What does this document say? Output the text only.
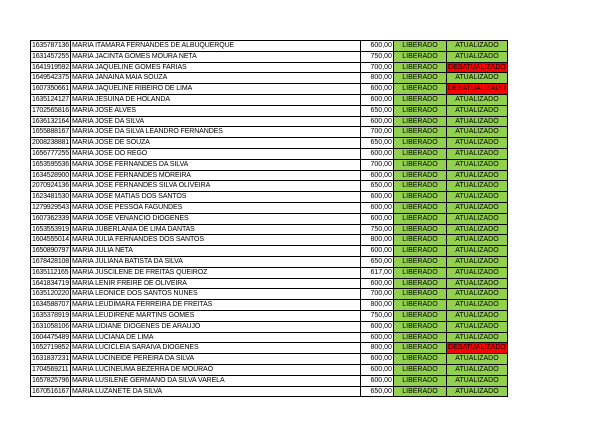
1635787136	MARIA ITAMARA FERNANDES DE ALBUQUERQUE	600,00	LIBERADO	ATUALIZADO
1631457255	MARIA JACINTA GOMES MOURA NETA	750,00	LIBERADO	ATUALIZADO
1641919592	MARIA JAQUELINE GOMES FARIAS	700,00	LIBERADO	DESATUALIZADO
1649542375	MARIA JANAINA MAIA SOUZA	800,00	LIBERADO	ATUALIZADO
1607350661	MARIA JAQUELINE RIBEIRO DE LIMA	600,00	LIBERADO	DESATUALIZADO
1635124127	MARIA JESUINA DE HOLANDA	600,00	LIBERADO	ATUALIZADO
1702565816	MARIA JOSE ALVES	650,00	LIBERADO	ATUALIZADO
1636132164	MARIA JOSE DA SILVA	600,00	LIBERADO	ATUALIZADO
1655888167	MARIA JOSE DA SILVA LEANDRO FERNANDES	700,00	LIBERADO	ATUALIZADO
2008238881	MARIA JOSE DE SOUZA	650,00	LIBERADO	ATUALIZADO
1656777255	MARIA JOSE DO REGO	600,00	LIBERADO	ATUALIZADO
1653595536	MARIA JOSE FERNANDES DA SILVA	700,00	LIBERADO	ATUALIZADO
1634528900	MARIA JOSE FERNANDES MOREIRA	600,00	LIBERADO	ATUALIZADO
2070924136	MARIA JOSE FERNANDES SILVA OLIVEIRA	650,00	LIBERADO	ATUALIZADO
1623481530	MARIA JOSE MATIAS DOS SANTOS	600,00	LIBERADO	ATUALIZADO
1279929543	MARIA JOSE PESSOA FAGUNDES	600,00	LIBERADO	ATUALIZADO
1607362339	MARIA JOSE VENANCIO DIOGENES	600,00	LIBERADO	ATUALIZADO
1653553919	MARIA JUBERLANIA DE LIMA DANTAS	750,00	LIBERADO	ATUALIZADO
1604555014	MARIA JULIA FERNANDES DOS SANTOS	800,00	LIBERADO	ATUALIZADO
1650890797	MARIA JULIA NETA	600,00	LIBERADO	ATUALIZADO
1678428108	MARIA JULIANA BATISTA DA SILVA	650,00	LIBERADO	ATUALIZADO
1635112165	MARIA JUSCILENE DE FREITAS QUEIROZ	617,00	LIBERADO	ATUALIZADO
1641834719	MARIA LENIR FREIRE DE OLIVEIRA	600,00	LIBERADO	ATUALIZADO
1635120220	MARIA LEONICE DOS SANTOS NUNES	700,00	LIBERADO	ATUALIZADO
1634588707	MARIA LEUDIMARA FERREIRA DE FREITAS	800,00	LIBERADO	ATUALIZADO
1635378919	MARIA LEUDIRENE MARTINS GOMES	750,00	LIBERADO	ATUALIZADO
1631058106	MARIA LIDIANE DIOGENES DE ARAUJO	600,00	LIBERADO	ATUALIZADO
1604475489	MARIA LUCIANA DE LIMA	600,00	LIBERADO	ATUALIZADO
1652719852	MARIA LUCICLEIA SARAIVA DIOGENES	800,00	LIBERADO	DESATUALIZADO
1631837231	MARIA LUCINEIDE PEREIRA DA SILVA	600,00	LIBERADO	ATUALIZADO
1704569211	MARIA LUCINEUMA BEZERRA DE MOURAO	600,00	LIBERADO	ATUALIZADO
1657825796	MARIA LUSILENE GERMANO DA SILVA VARELA	600,00	LIBERADO	ATUALIZADO
1670516167	MARIA LUZANETE DA SILVA	650,00	LIBERADO	ATUALIZADO
